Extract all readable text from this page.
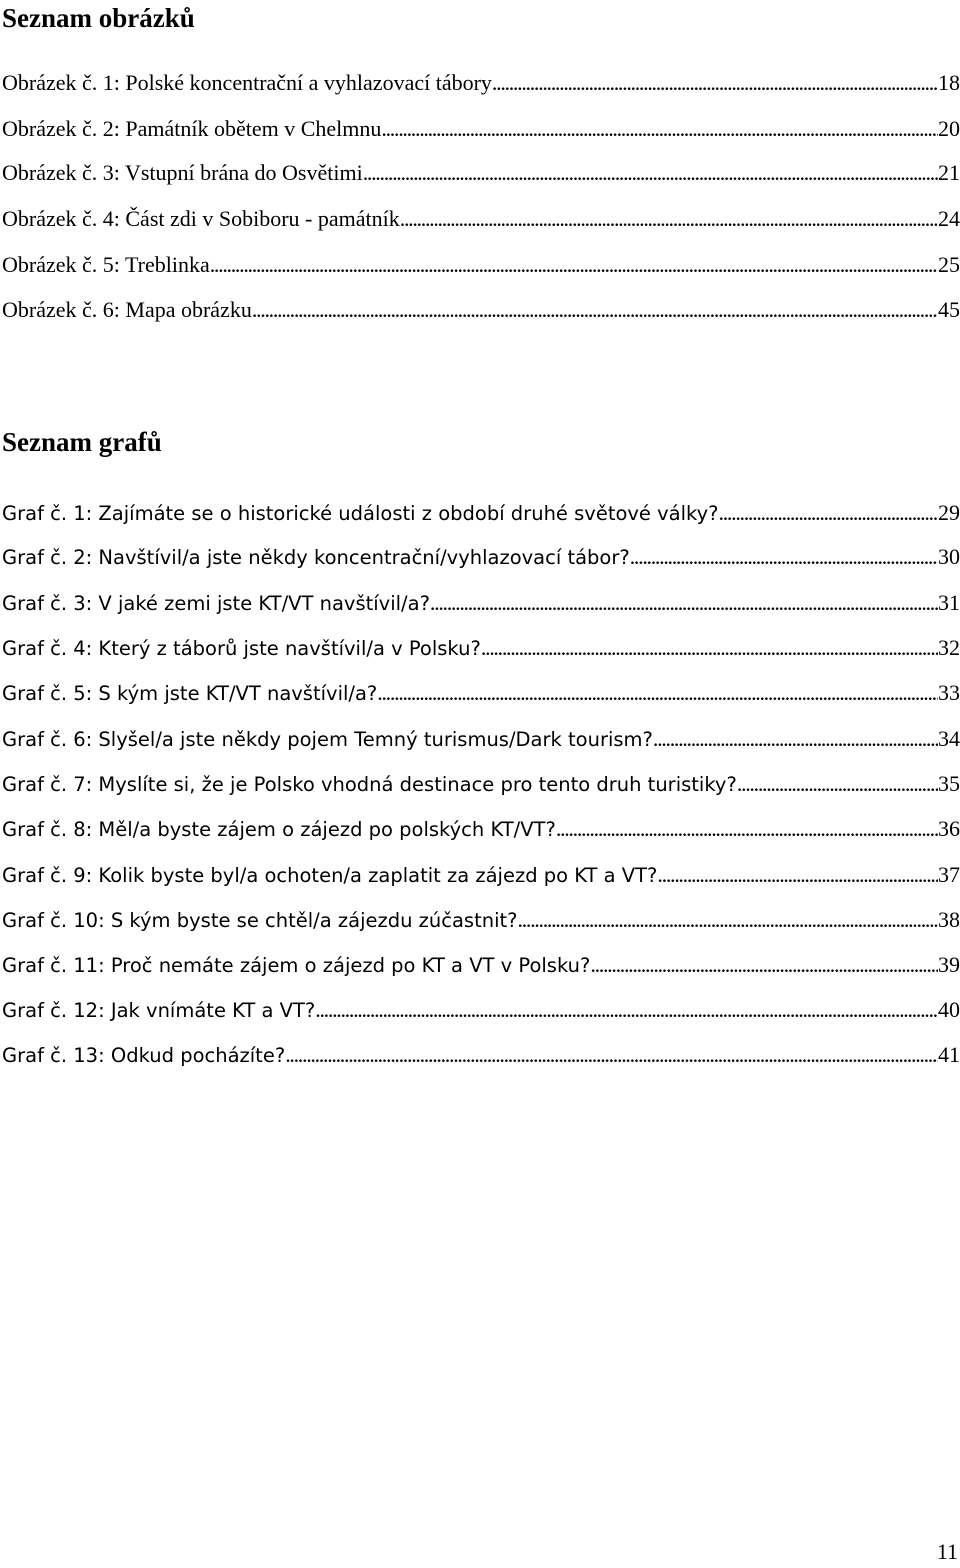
Seznam obrázků
Obrázek č. 1: Polské koncentrační a vyhlazovací tábory . . .	18
Obrázek č. 2: Památník obětem v Chelmnu . . .	20
Obrázek č. 3: Vstupní brána do Osvětimi . . .	21
Obrázek č. 4: Část zdi v Sobiboru - památník . . .	24
Obrázek č. 5: Treblinka . . .	25
Obrázek č. 6: Mapa obrázku . . .	45
Seznam grafů
Graf č. 1: Zajímáte se o historické události z období druhé světové války? . . .	29
Graf č. 2: Navštívil/a jste někdy koncentrační/vyhlazovací tábor? . . .	30
Graf č. 3: V jaké zemi jste KT/VT navštívil/a? . . .	31
Graf č. 4: Který z táborů jste navštívil/a v Polsku? . . .	32
Graf č. 5: S kým jste KT/VT navštívil/a? . . .	33
Graf č. 6: Slyšel/a jste někdy pojem Temný turismus/Dark tourism? . . .	34
Graf č. 7: Myslíte si, že je Polsko vhodná destinace pro tento druh turistiky? . . .	35
Graf č. 8: Měl/a byste zájem o zájezd po polských KT/VT? . . .	36
Graf č. 9: Kolik byste byl/a ochoten/a zaplatit za zájezd po KT a VT? . . .	37
Graf č. 10: S kým byste se chtěl/a zájezdu zúčastnit? . . .	38
Graf č. 11: Proč nemáte zájem o zájezd po KT a VT v Polsku? . . .	39
Graf č. 12: Jak vnímáte KT a VT? . . .	40
Graf č. 13: Odkud pocházíte? . . .	41
11
